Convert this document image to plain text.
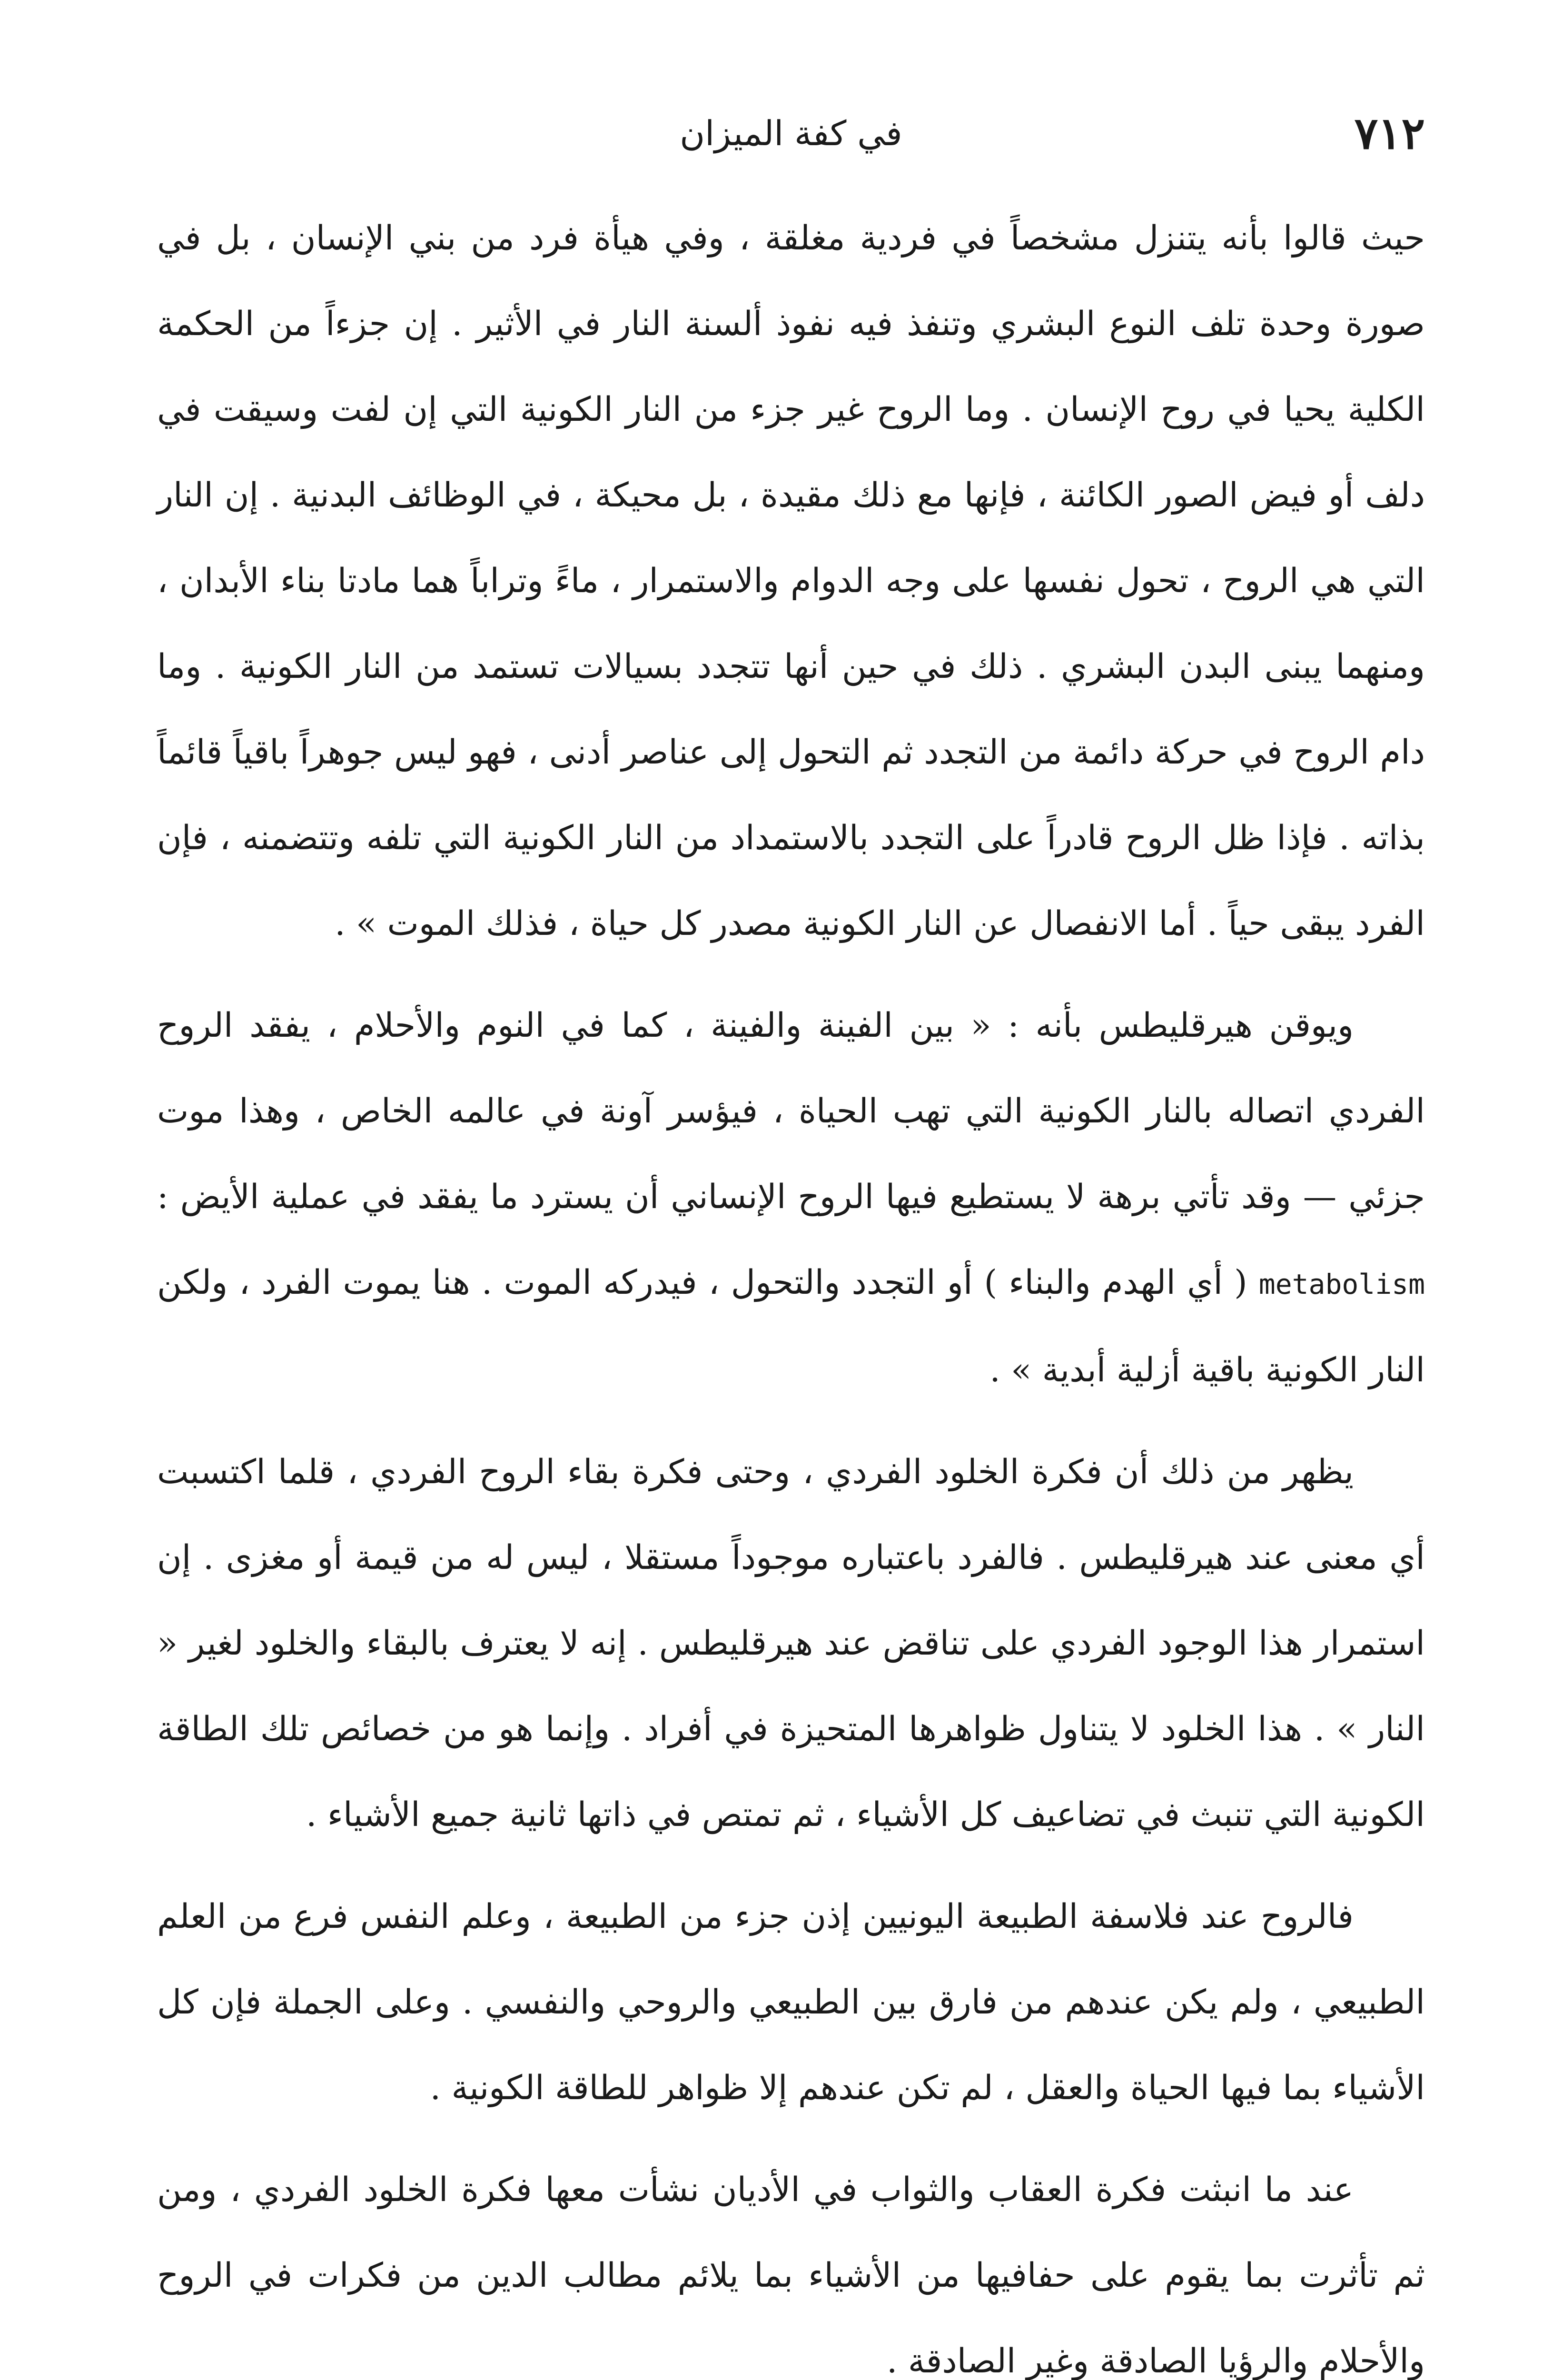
٧١٢
في كفة الميزان

حيث قالوا بأنه يتنزل مشخصاً في فردية مغلقة ، وفي هيأة فرد من بني الإنسان ، بل في صورة وحدة تلف النوع البشري وتنفذ فيه نفوذ ألسنة النار في الأثير . إن جزءاً من الحكمة الكلية يحيا في روح الإنسان . وما الروح غير جزء من النار الكونية التي إن لفت وسيقت في دلف أو فيض الصور الكائنة ، فإنها مع ذلك مقيدة ، بل محيكة ، في الوظائف البدنية . إن النار التي هي الروح ، تحول نفسها على وجه الدوام والاستمرار ، ماءً وتراباً هما مادتا بناء الأبدان ، ومنهما يبنى البدن البشري . ذلك في حين أنها تتجدد بسيالات تستمد من النار الكونية . وما دام الروح في حركة دائمة من التجدد ثم التحول إلى عناصر أدنى ، فهو ليس جوهراً باقياً قائماً بذاته . فإذا ظل الروح قادراً على التجدد بالاستمداد من النار الكونية التي تلفه وتتضمنه ، فإن الفرد يبقى حياً . أما الانفصال عن النار الكونية مصدر كل حياة ، فذلك الموت » .

ويوقن هيرقليطس بأنه : « بين الفينة والفينة ، كما في النوم والأحلام ، يفقد الروح الفردي اتصاله بالنار الكونية التي تهب الحياة ، فيؤسر آونة في عالمه الخاص ، وهذا موت جزئي — وقد تأتي برهة لا يستطيع فيها الروح الإنساني أن يسترد ما يفقد في عملية الأيض : metabolism ( أي الهدم والبناء ) أو التجدد والتحول ، فيدركه الموت . هنا يموت الفرد ، ولكن النار الكونية باقية أزلية أبدية » .

يظهر من ذلك أن فكرة الخلود الفردي ، وحتى فكرة بقاء الروح الفردي ، قلما اكتسبت أي معنى عند هيرقليطس . فالفرد باعتباره موجوداً مستقلا ، ليس له من قيمة أو مغزى . إن استمرار هذا الوجود الفردي على تناقض عند هيرقليطس . إنه لا يعترف بالبقاء والخلود لغير « النار » . هذا الخلود لا يتناول ظواهرها المتحيزة في أفراد . وإنما هو من خصائص تلك الطاقة الكونية التي تنبث في تضاعيف كل الأشياء ، ثم تمتص في ذاتها ثانية جميع الأشياء .

فالروح عند فلاسفة الطبيعة اليونيين إذن جزء من الطبيعة ، وعلم النفس فرع من العلم الطبيعي ، ولم يكن عندهم من فارق بين الطبيعي والروحي والنفسي . وعلى الجملة فإن كل الأشياء بما فيها الحياة والعقل ، لم تكن عندهم إلا ظواهر للطاقة الكونية .

عند ما انبثت فكرة العقاب والثواب في الأديان نشأت معها فكرة الخلود الفردي ، ومن ثم تأثرت بما يقوم على حفافيها من الأشياء بما يلائم مطالب الدين من فكرات في الروح والأحلام والرؤيا الصادقة وغير الصادقة .
